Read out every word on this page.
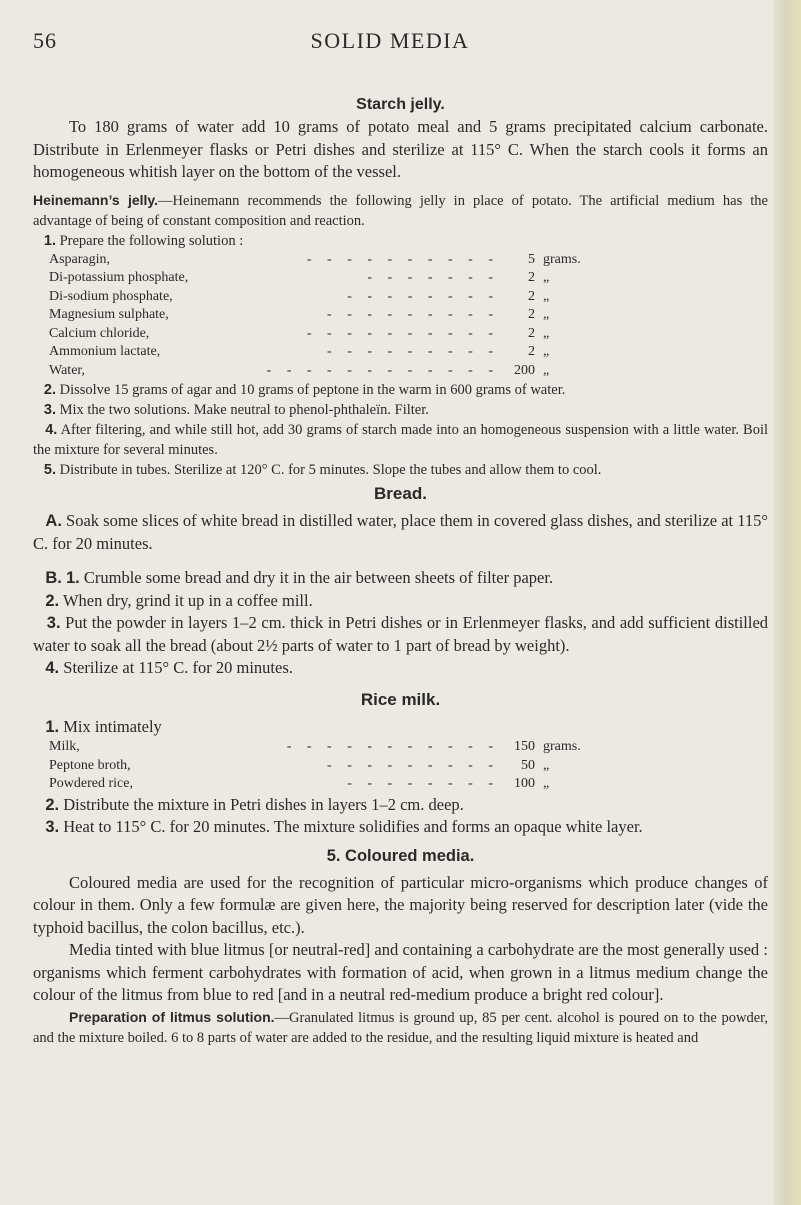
56	SOLID MEDIA
Starch jelly.

To 180 grams of water add 10 grams of potato meal and 5 grams precipitated calcium carbonate. Distribute in Erlenmeyer flasks or Petri dishes and sterilize at 115° C. When the starch cools it forms an homogeneous whitish layer on the bottom of the vessel.

Heinemann’s jelly.—Heinemann recommends the following jelly in place of potato. The artificial medium has the advantage of being of constant composition and reaction.

1. Prepare the following solution :

Asparagin,	- - - - - - - - - -	5	grams.
Di-potassium phosphate,	- - - - - - -	2	„
Di-sodium phosphate,	- - - - - - - -	2	„
Magnesium sulphate,	- - - - - - - - -	2	„
Calcium chloride,	- - - - - - - - - -	2	„
Ammonium lactate,	- - - - - - - - -	2	„
Water,	- - - - - - - - - - - -	200	„

2. Dissolve 15 grams of agar and 10 grams of peptone in the warm in 600 grams of water.

3. Mix the two solutions. Make neutral to phenol-phthaleïn. Filter.

4. After filtering, and while still hot, add 30 grams of starch made into an homogeneous suspension with a little water. Boil the mixture for several minutes.

5. Distribute in tubes. Sterilize at 120° C. for 5 minutes. Slope the tubes and allow them to cool.

Bread.

A. Soak some slices of white bread in distilled water, place them in covered glass dishes, and sterilize at 115° C. for 20 minutes.

B. 1. Crumble some bread and dry it in the air between sheets of filter paper.

2. When dry, grind it up in a coffee mill.

3. Put the powder in layers 1–2 cm. thick in Petri dishes or in Erlenmeyer flasks, and add sufficient distilled water to soak all the bread (about 2½ parts of water to 1 part of bread by weight).

4. Sterilize at 115° C. for 20 minutes.

Rice milk.

1. Mix intimately

Milk,	- - - - - - - - - - -	150	grams.
Peptone broth,	- - - - - - - - -	50	„
Powdered rice,	- - - - - - - -	100	„

2. Distribute the mixture in Petri dishes in layers 1–2 cm. deep.

3. Heat to 115° C. for 20 minutes. The mixture solidifies and forms an opaque white layer.

5. Coloured media.

Coloured media are used for the recognition of particular micro-organisms which produce changes of colour in them. Only a few formulæ are given here, the majority being reserved for description later (vide the typhoid bacillus, the colon bacillus, etc.).

Media tinted with blue litmus [or neutral-red] and containing a carbohydrate are the most generally used : organisms which ferment carbohydrates with formation of acid, when grown in a litmus medium change the colour of the litmus from blue to red [and in a neutral red-medium produce a bright red colour].

Preparation of litmus solution.—Granulated litmus is ground up, 85 per cent. alcohol is poured on to the powder, and the mixture boiled. 6 to 8 parts of water are added to the residue, and the resulting liquid mixture is heated and
